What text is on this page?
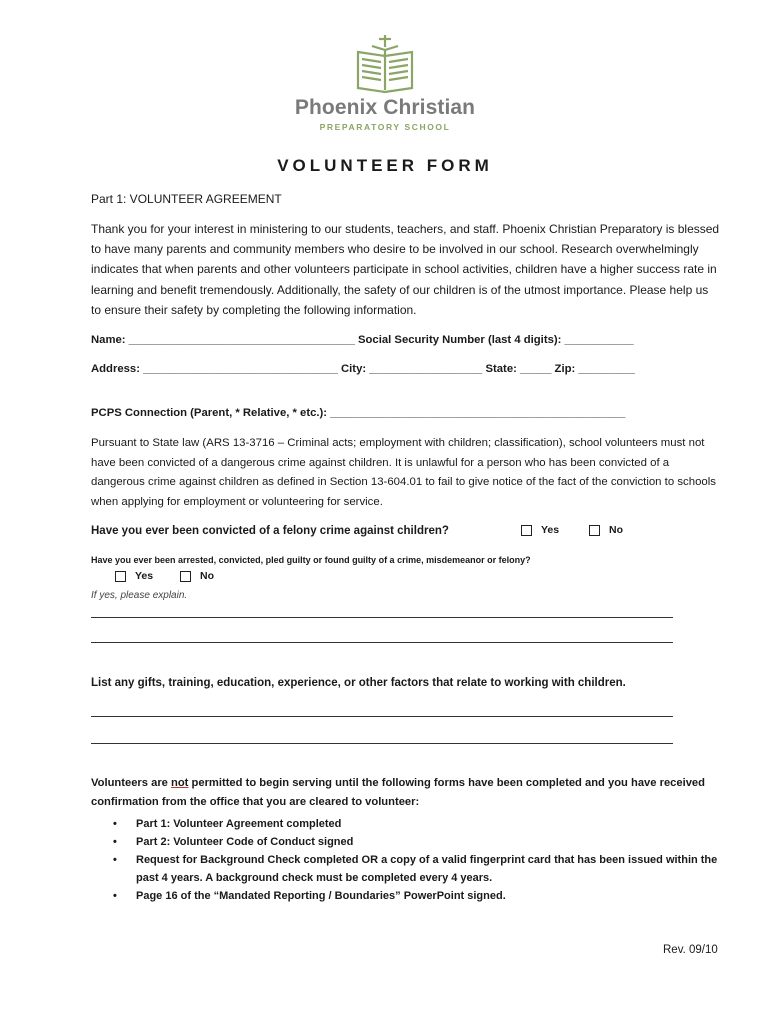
Phoenix Christian
PREPARATORY SCHOOL
VOLUNTEER FORM
Part 1: VOLUNTEER AGREEMENT
Thank you for your interest in ministering to our students, teachers, and staff. Phoenix Christian Preparatory is blessed to have many parents and community members who desire to be involved in our school. Research overwhelmingly indicates that when parents and other volunteers participate in school activities, children have a higher success rate in learning and benefit tremendously. Additionally, the safety of our children is of the utmost importance. Please help us to ensure their safety by completing the following information.
Name: ____________________________________ Social Security Number (last 4 digits): ___________
Address: _______________________________ City: __________________ State: _____ Zip: _________
PCPS Connection (Parent, * Relative, * etc.): _______________________________________________
Pursuant to State law (ARS 13-3716 – Criminal acts; employment with children; classification), school volunteers must not have been convicted of a dangerous crime against children. It is unlawful for a person who has been convicted of a dangerous crime against children as defined in Section 13-604.01 to fail to give notice of the fact of the conviction to schools when applying for employment or volunteering for service.
Have you ever been convicted of a felony crime against children?	Yes	No
Have you ever been arrested, convicted, pled guilty or found guilty of a crime, misdemeanor or felony?
Yes	No
If yes, please explain.
List any gifts, training, education, experience, or other factors that relate to working with children.
Volunteers are not permitted to begin serving until the following forms have been completed and you have received confirmation from the office that you are cleared to volunteer:
• Part 1: Volunteer Agreement completed
• Part 2: Volunteer Code of Conduct signed
• Request for Background Check completed OR a copy of a valid fingerprint card that has been issued within the past 4 years. A background check must be completed every 4 years.
• Page 16 of the “Mandated Reporting / Boundaries” PowerPoint signed.
Rev. 09/10
